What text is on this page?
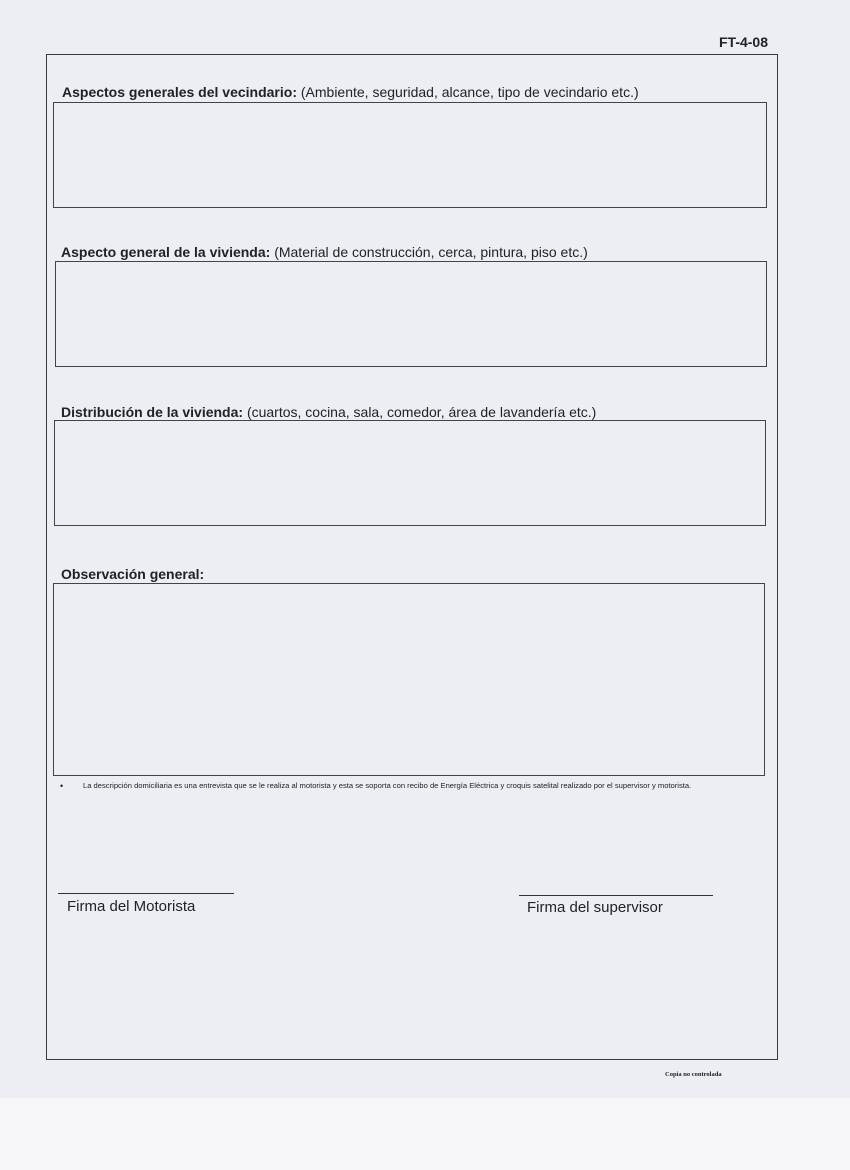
FT-4-08
Aspectos generales del vecindario: (Ambiente, seguridad, alcance, tipo de vecindario etc.)
Aspecto general de la vivienda: (Material de construcción, cerca, pintura, piso etc.)
Distribución de la vivienda: (cuartos, cocina, sala, comedor, área de lavandería etc.)
Observación general:
•	La descripción domiciliaria es una entrevista que se le realiza al motorista y esta se soporta con recibo de Energía Eléctrica y croquis satelital realizado por el supervisor y motorista.
Firma del Motorista	Firma del supervisor
Copia no controlada
